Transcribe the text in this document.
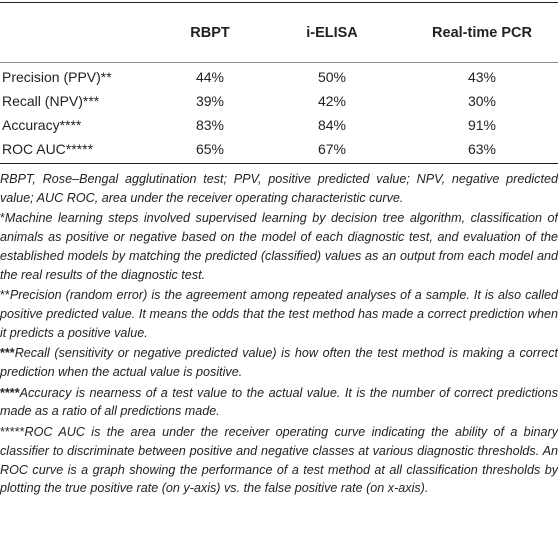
	RBPT	i-ELISA	Real-time PCR
Precision (PPV)**	44%	50%	43%
Recall (NPV)***	39%	42%	30%
Accuracy****	83%	84%	91%
ROC AUC*****	65%	67%	63%

RBPT, Rose–Bengal agglutination test; PPV, positive predicted value; NPV, negative predicted value; AUC ROC, area under the receiver operating characteristic curve.

*Machine learning steps involved supervised learning by decision tree algorithm, classification of animals as positive or negative based on the model of each diagnostic test, and evaluation of the established models by matching the predicted (classified) values as an output from each model and the real results of the diagnostic test.

**Precision (random error) is the agreement among repeated analyses of a sample. It is also called positive predicted value. It means the odds that the test method has made a correct prediction when it predicts a positive value.

***Recall (sensitivity or negative predicted value) is how often the test method is making a correct prediction when the actual value is positive.

****Accuracy is nearness of a test value to the actual value. It is the number of correct predictions made as a ratio of all predictions made.

*****ROC AUC is the area under the receiver operating curve indicating the ability of a binary classifier to discriminate between positive and negative classes at various diagnostic thresholds. An ROC curve is a graph showing the performance of a test method at all classification thresholds by plotting the true positive rate (on y-axis) vs. the false positive rate (on x-axis).
